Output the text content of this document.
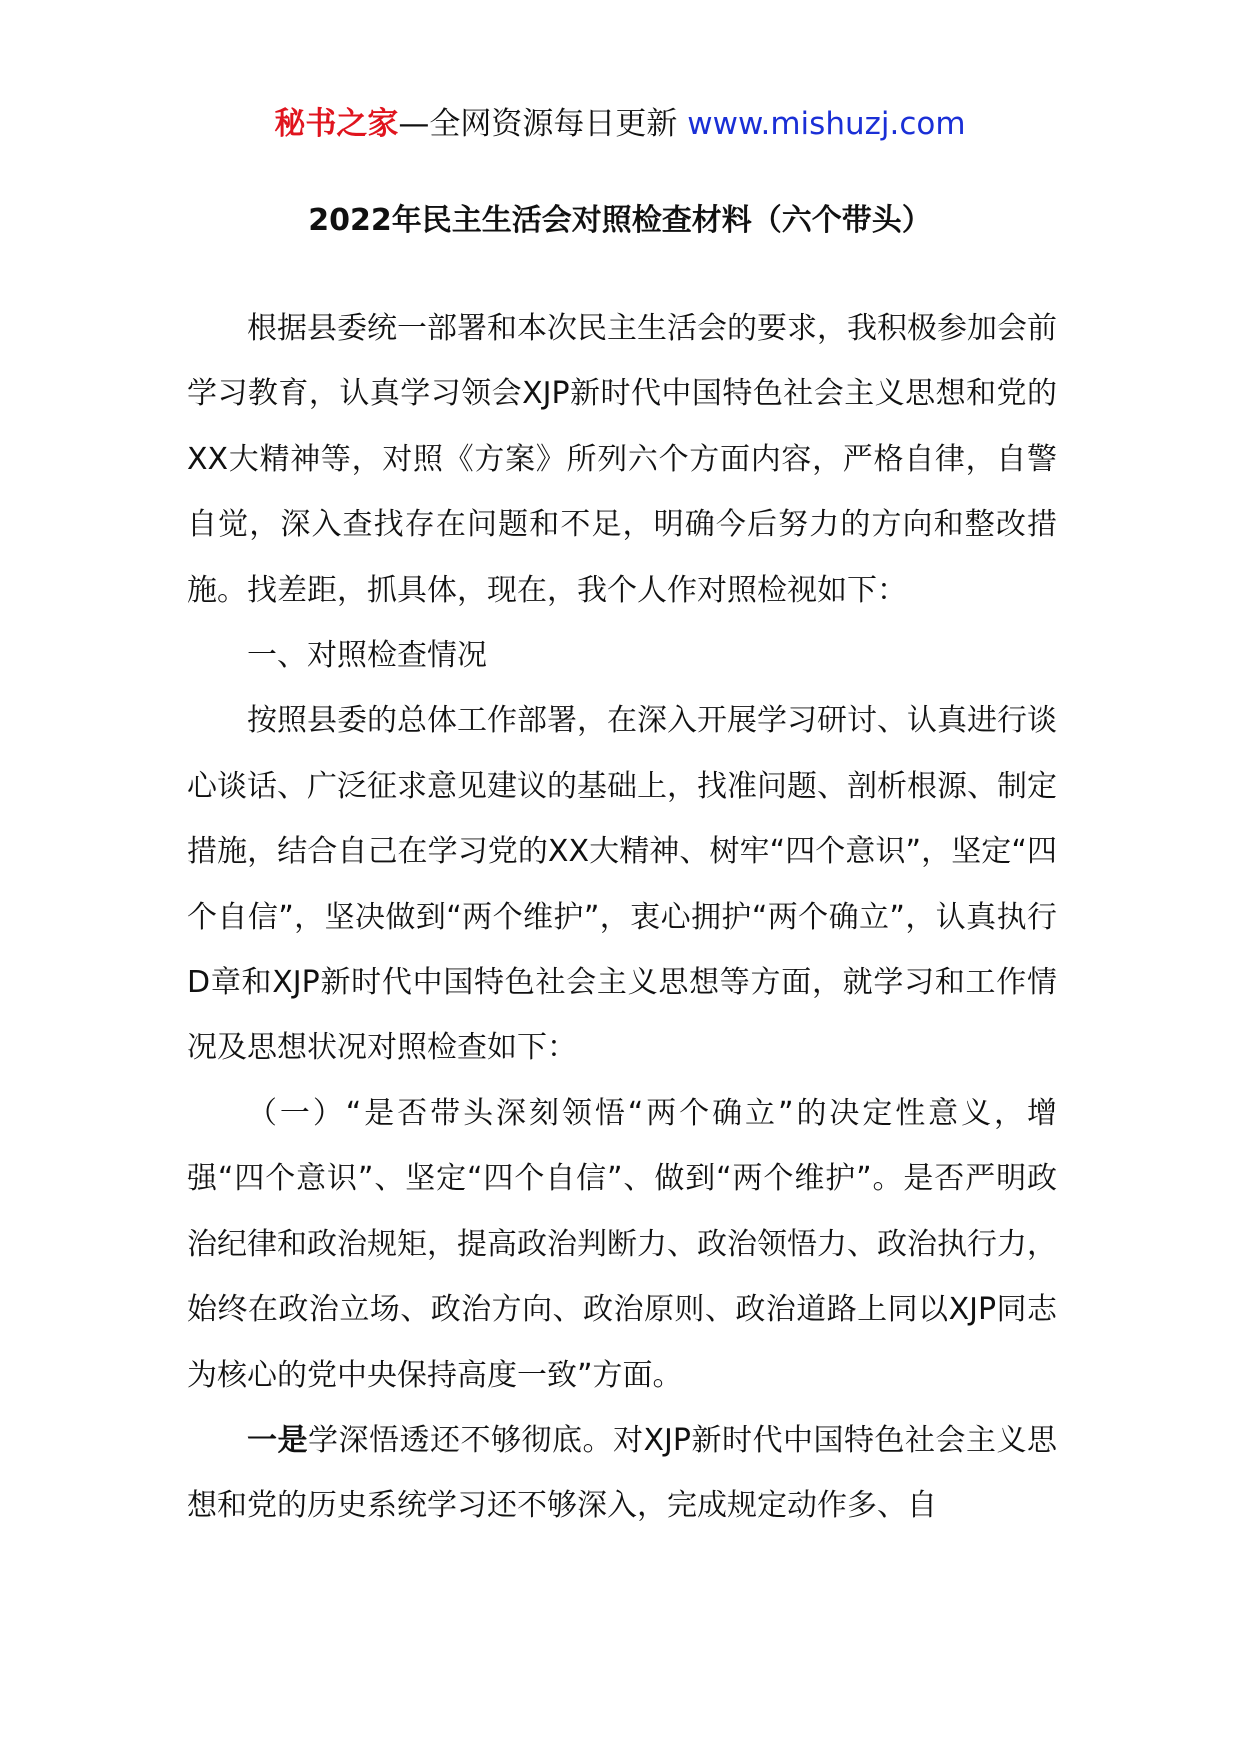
秘书之家—全网资源每日更新 www.mishuzj.com
2022年民主生活会对照检查材料（六个带头）

根据县委统一部署和本次民主生活会的要求，我积极参加会前学习教育，认真学习领会XJP新时代中国特色社会主义思想和党的XX大精神等，对照《方案》所列六个方面内容，严格自律，自警自觉，深入查找存在问题和不足，明确今后努力的方向和整改措施。找差距，抓具体，现在，我个人作对照检视如下：

一、对照检查情况

按照县委的总体工作部署，在深入开展学习研讨、认真进行谈心谈话、广泛征求意见建议的基础上，找准问题、剖析根源、制定措施，结合自己在学习党的XX大精神、树牢“四个意识”，坚定“四个自信”，坚决做到“两个维护”，衷心拥护“两个确立”，认真执行D章和XJP新时代中国特色社会主义思想等方面，就学习和工作情况及思想状况对照检查如下：

（一）“是否带头深刻领悟“两个确立”的决定性意义，增强“四个意识”、坚定“四个自信”、做到“两个维护”。是否严明政治纪律和政治规矩，提高政治判断力、政治领悟力、政治执行力，始终在政治立场、政治方向、政治原则、政治道路上同以XJP同志为核心的党中央保持高度一致”方面。

一是学深悟透还不够彻底。对XJP新时代中国特色社会主义思想和党的历史系统学习还不够深入，完成规定动作多、自
